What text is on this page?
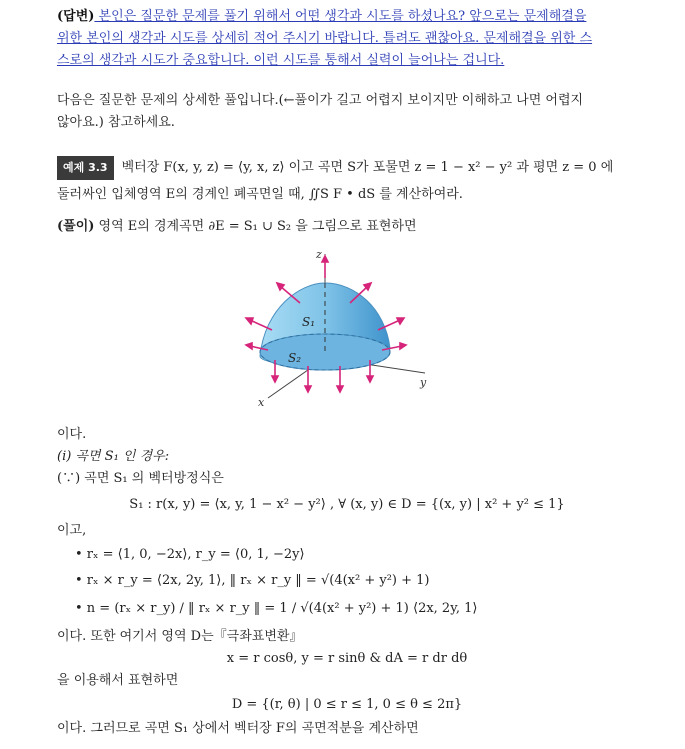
(답변) 본인은 질문한 문제를 풀기 위해서 어떤 생각과 시도를 하셨나요? 앞으로는 문제해결을
위한 본인의 생각과 시도를 상세히 적어 주시기 바랍니다. 틀려도 괜찮아요. 문제해결을 위한 스
스로의 생각과 시도가 중요합니다. 이런 시도를 통해서 실력이 늘어나는 겁니다.
다음은 질문한 문제의 상세한 풀입니다.(←풀이가 길고 어렵지 보이지만 이해하고 나면 어렵지
않아요.) 참고하세요.
예제 3.3 벡터장 F(x, y, z) = ⟨y, x, z⟩ 이고 곡면 S가 포물면 z = 1 − x² − y² 과 평면 z = 0 에
둘러싸인 입체영역 E의 경계인 폐곡면일 때, ∬S F • dS 를 계산하여라.
(풀이) 영역 E의 경계곡면 ∂E = S₁ ∪ S₂ 을 그림으로 표현하면
z
y
x
S₁
S₂
이다.
(i) 곡면 S₁ 인 경우:
(∵) 곡면 S₁ 의 벡터방정식은
S₁ : r(x, y) = ⟨x, y, 1 − x² − y²⟩ , ∀ (x, y) ∈ D = {(x, y) | x² + y² ≤ 1}
이고,
• rₓ = ⟨1, 0, −2x⟩, r_y = ⟨0, 1, −2y⟩
• rₓ × r_y = ⟨2x, 2y, 1⟩, ‖ rₓ × r_y ‖ = √(4(x² + y²) + 1)
• n = (rₓ × r_y) / ‖ rₓ × r_y ‖ = 1 / √(4(x² + y²) + 1) ⟨2x, 2y, 1⟩
이다. 또한 여기서 영역 D는『극좌표변환』
x = r cosθ, y = r sinθ & dA = r dr dθ
을 이용해서 표현하면
D = {(r, θ) | 0 ≤ r ≤ 1, 0 ≤ θ ≤ 2π}
이다. 그러므로 곡면 S₁ 상에서 벡터장 F의 곡면적분을 계산하면
